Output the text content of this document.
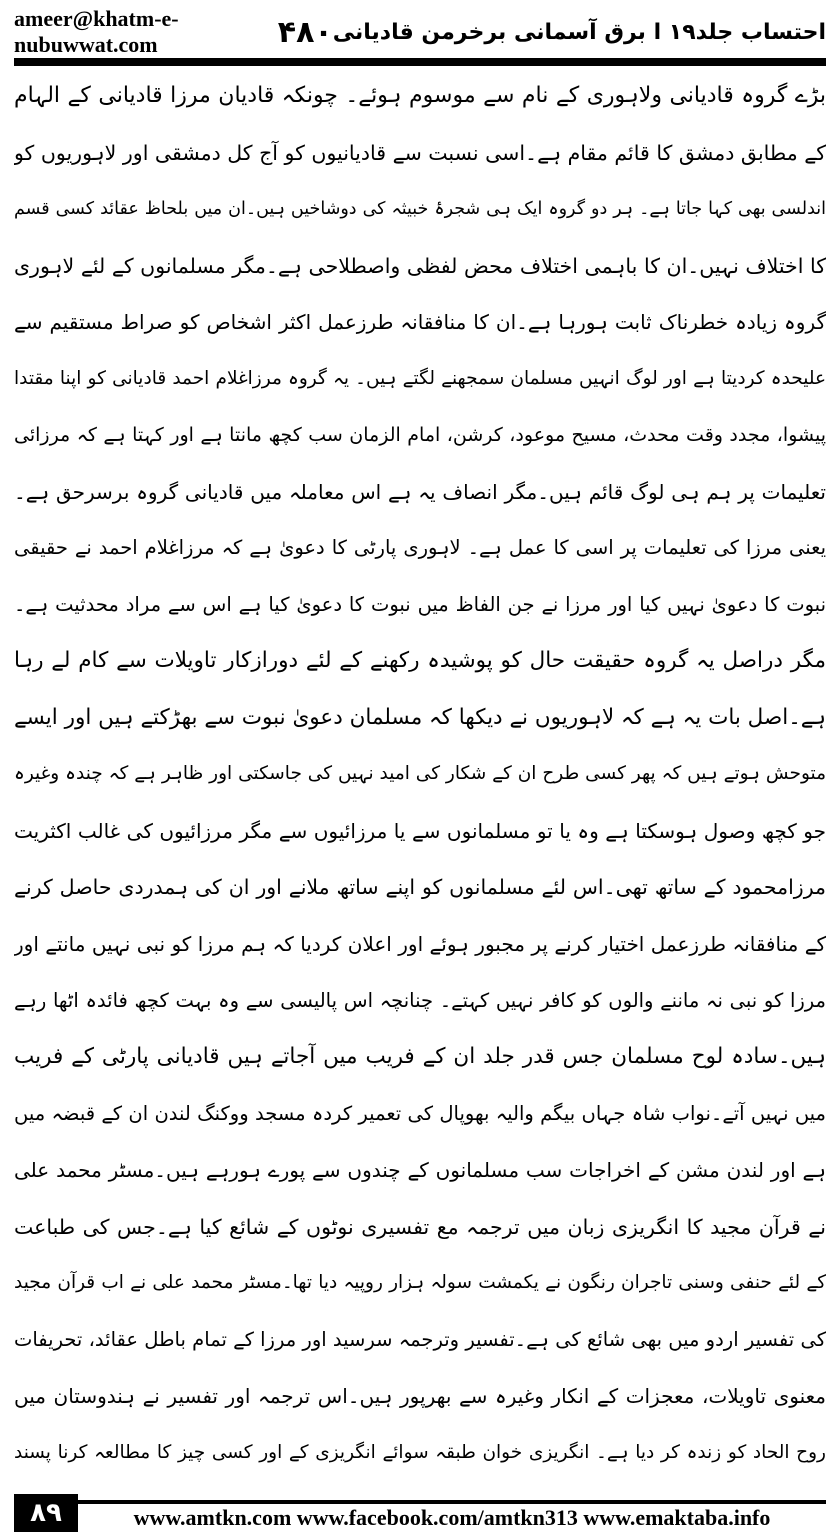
ameer@khatm-e-nubuwwat.com	۴۸۰ احتساب جلد۱۹ ا برق آسمانی برخرمن قادیانی
بڑے گروہ قادیانی ولاہوری کے نام سے موسوم ہوئے۔ چونکہ قادیان مرزا قادیانی کے الہام
کے مطابق دمشق کا قائم مقام ہے۔اسی نسبت سے قادیانیوں کو آج کل دمشقی اور لاہوریوں کو
اندلسی بھی کہا جاتا ہے۔ ہر دو گروہ ایک ہی شجرۂ خبیثہ کی دوشاخیں ہیں۔ان میں بلحاظ عقائد کسی قسم
کا اختلاف نہیں۔ان کا باہمی اختلاف محض لفظی واصطلاحی ہے۔مگر مسلمانوں کے لئے لاہوری
گروہ زیادہ خطرناک ثابت ہورہا ہے۔ان کا منافقانہ طرزعمل اکثر اشخاص کو صراط مستقیم سے
علیحدہ کردیتا ہے اور لوگ انہیں مسلمان سمجھنے لگتے ہیں۔ یہ گروہ مرزاغلام احمد قادیانی کو اپنا مقتدا
پیشوا، مجدد وقت محدث، مسیح موعود، کرشن، امام الزمان سب کچھ مانتا ہے اور کہتا ہے کہ مرزائی
تعلیمات پر ہم ہی لوگ قائم ہیں۔مگر انصاف یہ ہے اس معاملہ میں قادیانی گروہ برسرحق ہے۔
یعنی مرزا کی تعلیمات پر اسی کا عمل ہے۔ لاہوری پارٹی کا دعویٰ ہے کہ مرزاغلام احمد نے حقیقی
نبوت کا دعویٰ نہیں کیا اور مرزا نے جن الفاظ میں نبوت کا دعویٰ کیا ہے اس سے مراد محدثیت ہے۔
مگر دراصل یہ گروہ حقیقت حال کو پوشیدہ رکھنے کے لئے دورازکار تاویلات سے کام لے رہا
ہے۔اصل بات یہ ہے کہ لاہوریوں نے دیکھا کہ مسلمان دعویٰ نبوت سے بھڑکتے ہیں اور ایسے
متوحش ہوتے ہیں کہ پھر کسی طرح ان کے شکار کی امید نہیں کی جاسکتی اور ظاہر ہے کہ چندہ وغیرہ
جو کچھ وصول ہوسکتا ہے وہ یا تو مسلمانوں سے یا مرزائیوں سے مگر مرزائیوں کی غالب اکثریت
مرزامحمود کے ساتھ تھی۔اس لئے مسلمانوں کو اپنے ساتھ ملانے اور ان کی ہمدردی حاصل کرنے
کے منافقانہ طرزعمل اختیار کرنے پر مجبور ہوئے اور اعلان کردیا کہ ہم مرزا کو نبی نہیں مانتے اور
مرزا کو نبی نہ ماننے والوں کو کافر نہیں کہتے۔ چنانچہ اس پالیسی سے وہ بہت کچھ فائدہ اٹھا رہے
ہیں۔سادہ لوح مسلمان جس قدر جلد ان کے فریب میں آجاتے ہیں قادیانی پارٹی کے فریب
میں نہیں آتے۔نواب شاہ جہاں بیگم والیہ بھوپال کی تعمیر کردہ مسجد ووکنگ لندن ان کے قبضہ میں
ہے اور لندن مشن کے اخراجات سب مسلمانوں کے چندوں سے پورے ہورہے ہیں۔مسٹر محمد علی
نے قرآن مجید کا انگریزی زبان میں ترجمہ مع تفسیری نوٹوں کے شائع کیا ہے۔جس کی طباعت
کے لئے حنفی وسنی تاجران رنگون نے یکمشت سولہ ہزار روپیہ دیا تھا۔مسٹر محمد علی نے اب قرآن مجید
کی تفسیر اردو میں بھی شائع کی ہے۔تفسیر وترجمہ سرسید اور مرزا کے تمام باطل عقائد، تحریفات
معنوی تاویلات، معجزات کے انکار وغیرہ سے بھرپور ہیں۔اس ترجمہ اور تفسیر نے ہندوستان میں
روح الحاد کو زندہ کر دیا ہے۔ انگریزی خوان طبقہ سوائے انگریزی کے اور کسی چیز کا مطالعہ کرنا پسند
۸۹	www.amtkn.com www.facebook.com/amtkn313 www.emaktaba.info
